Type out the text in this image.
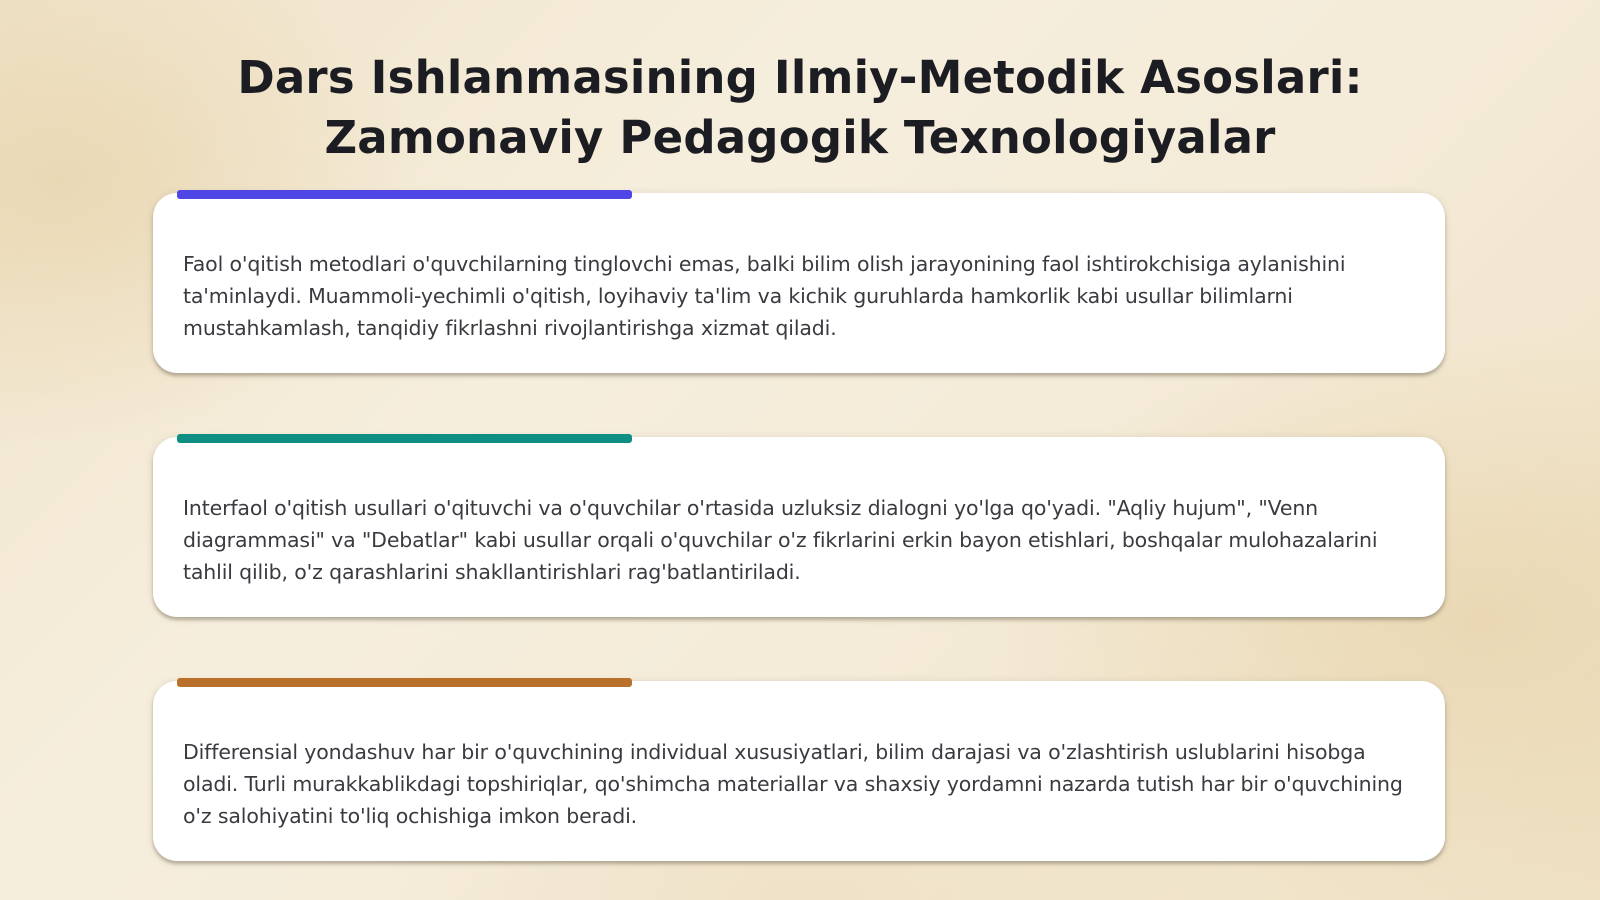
Dars Ishlanmasining Ilmiy-Metodik Asoslari:
Zamonaviy Pedagogik Texnologiyalar

Faol o'qitish metodlari o'quvchilarning tinglovchi emas, balki bilim olish jarayonining faol ishtirokchisiga aylanishini ta'minlaydi. Muammoli-yechimli o'qitish, loyihaviy ta'lim va kichik guruhlarda hamkorlik kabi usullar bilimlarni mustahkamlash, tanqidiy fikrlashni rivojlantirishga xizmat qiladi.

Interfaol o'qitish usullari o'qituvchi va o'quvchilar o'rtasida uzluksiz dialogni yo'lga qo'yadi. "Aqliy hujum", "Venn diagrammasi" va "Debatlar" kabi usullar orqali o'quvchilar o'z fikrlarini erkin bayon etishlari, boshqalar mulohazalarini tahlil qilib, o'z qarashlarini shakllantirishlari rag'batlantiriladi.

Differensial yondashuv har bir o'quvchining individual xususiyatlari, bilim darajasi va o'zlashtirish uslublarini hisobga oladi. Turli murakkablikdagi topshiriqlar, qo'shimcha materiallar va shaxsiy yordamni nazarda tutish har bir o'quvchining o'z salohiyatini to'liq ochishiga imkon beradi.
